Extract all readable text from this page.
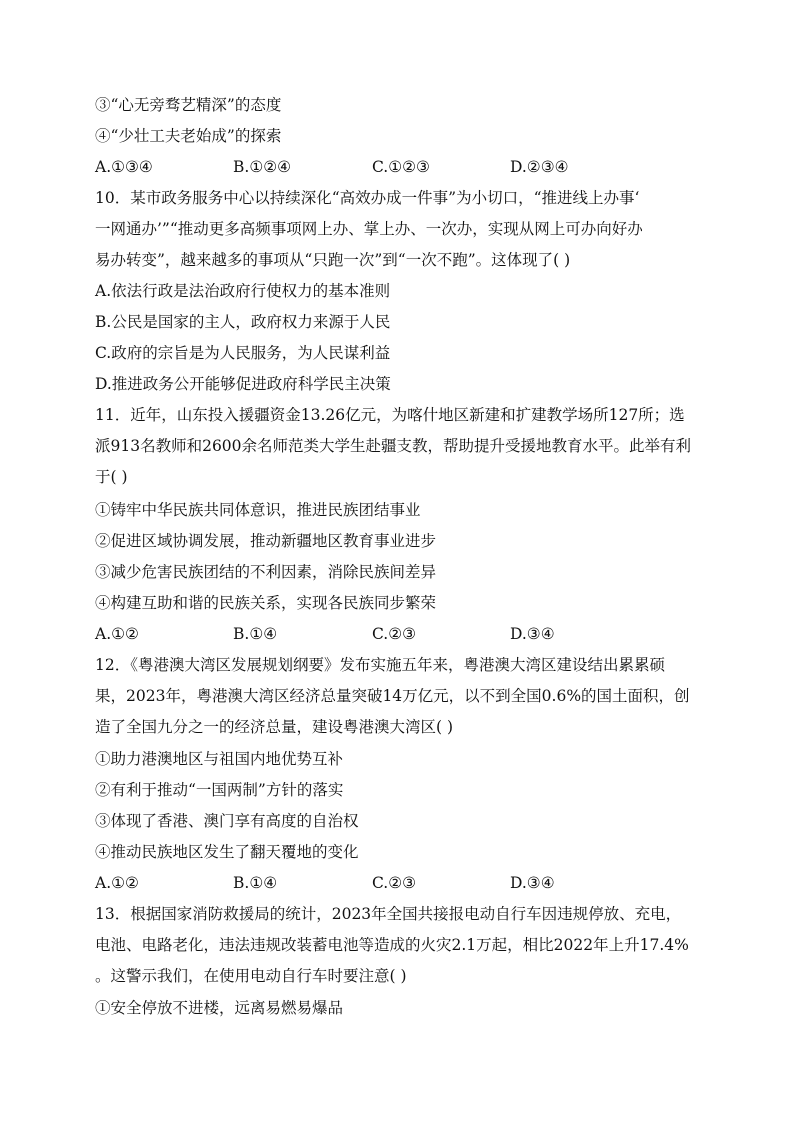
③“心无旁骛艺精深”的态度
④“少壮工夫老始成”的探索
A.①③④	B.①②④	C.①②③	D.②③④
10．某市政务服务中心以持续深化“高效办成一件事”为小切口，“推进线上办事‘
一网通办’”“推动更多高频事项网上办、掌上办、一次办，实现从网上可办向好办
易办转变”，越来越多的事项从“只跑一次”到“一次不跑”。这体现了( )
A.依法行政是法治政府行使权力的基本准则
B.公民是国家的主人，政府权力来源于人民
C.政府的宗旨是为人民服务，为人民谋利益
D.推进政务公开能够促进政府科学民主决策
11．近年，山东投入援疆资金13.26亿元，为喀什地区新建和扩建教学场所127所；选
派913名教师和2600余名师范类大学生赴疆支教，帮助提升受援地教育水平。此举有利
于( )
①铸牢中华民族共同体意识，推进民族团结事业
②促进区域协调发展，推动新疆地区教育事业进步
③减少危害民族团结的不利因素，消除民族间差异
④构建互助和谐的民族关系，实现各民族同步繁荣
A.①②	B.①④	C.②③	D.③④
12．《粤港澳大湾区发展规划纲要》发布实施五年来，粤港澳大湾区建设结出累累硕
果，2023年，粤港澳大湾区经济总量突破14万亿元，以不到全国0.6%的国土面积，创
造了全国九分之一的经济总量，建设粤港澳大湾区( )
①助力港澳地区与祖国内地优势互补
②有利于推动“一国两制”方针的落实
③体现了香港、澳门享有高度的自治权
④推动民族地区发生了翻天覆地的变化
A.①②	B.①④	C.②③	D.③④
13．根据国家消防救援局的统计，2023年全国共接报电动自行车因违规停放、充电，
电池、电路老化，违法违规改装蓄电池等造成的火灾2.1万起，相比2022年上升17.4%
。这警示我们，在使用电动自行车时要注意( )
①安全停放不进楼，远离易燃易爆品
